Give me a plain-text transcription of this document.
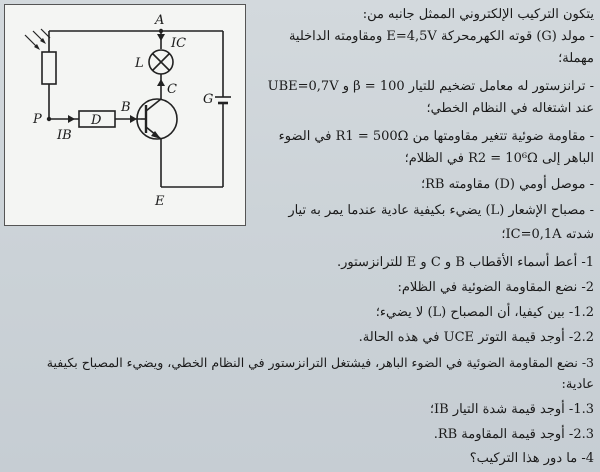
A
IC
L
C
G
P
IB
D
B
E
يتكون التركيب الإلكتروني الممثل جانبه من:
- مولد (G) قوته الكهرمحركة E=4,5V ومقاومته الداخلية
مهملة؛
- ترانزستور له معامل تضخيم للتيار β = 100 و UBE=0,7V
عند اشتغاله في النظام الخطي؛
- مقاومة ضوئية تتغير مقاومتها من R1 = 500Ω في الضوء
الباهر إلى R2 = 10⁶Ω في الظلام؛
- موصل أومي (D) مقاومته RB؛
- مصباح الإشعار (L) يضيء بكيفية عادية عندما يمر به تيار
شدته IC=0,1A؛
1- أعط أسماء الأقطاب B و C و E للترانزستور.
2- نضع المقاومة الضوئية في الظلام:
1.2- بين كيفيا، أن المصباح (L) لا يضيء؛
2.2- أوجد قيمة التوتر UCE في هذه الحالة.
3- نضع المقاومة الضوئية في الضوء الباهر، فيشتغل الترانزستور في النظام الخطي، ويضيء المصباح بكيفية
عادية:
1.3- أوجد قيمة شدة التيار IB؛
2.3- أوجد قيمة المقاومة RB.
4- ما دور هذا التركيب؟
